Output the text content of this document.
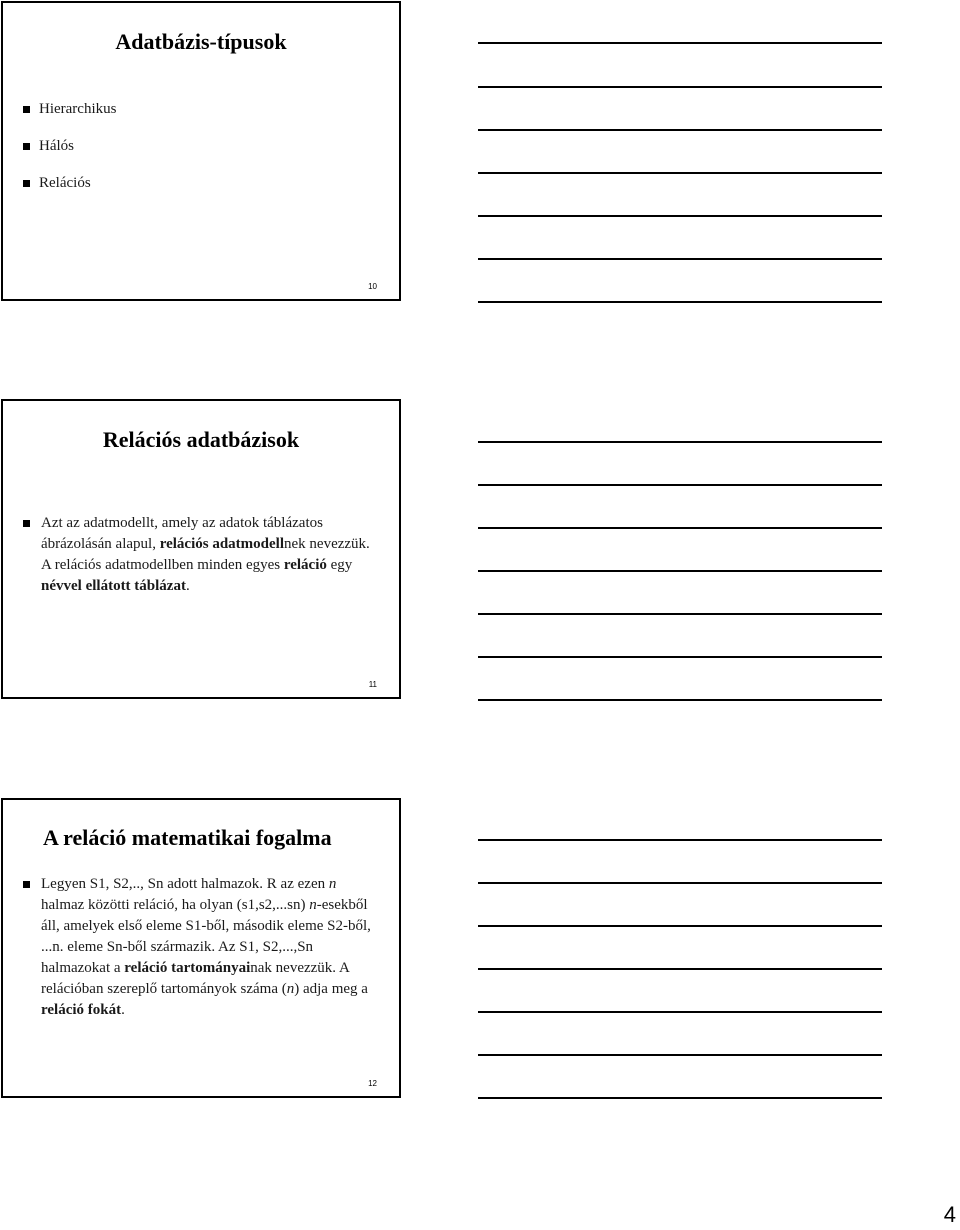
Adatbázis-típusok
Hierarchikus
Hálós
Relációs
10
Relációs adatbázisok
Azt az adatmodellt, amely az adatok táblázatos ábrázolásán alapul, relációs adatmodellnek nevezzük. A relációs adatmodellben minden egyes reláció egy névvel ellátott táblázat.
11
A reláció matematikai fogalma
Legyen S1, S2,.., Sn adott halmazok. R az ezen n halmaz közötti reláció, ha olyan (s1,s2,...sn) n-esekből áll, amelyek első eleme S1-ből, második eleme S2-ből, ...n. eleme Sn-ből származik. Az S1, S2,...,Sn halmazokat a reláció tartományainak nevezzük. A relációban szereplő tartományok száma (n) adja meg a reláció fokát.
12
4
